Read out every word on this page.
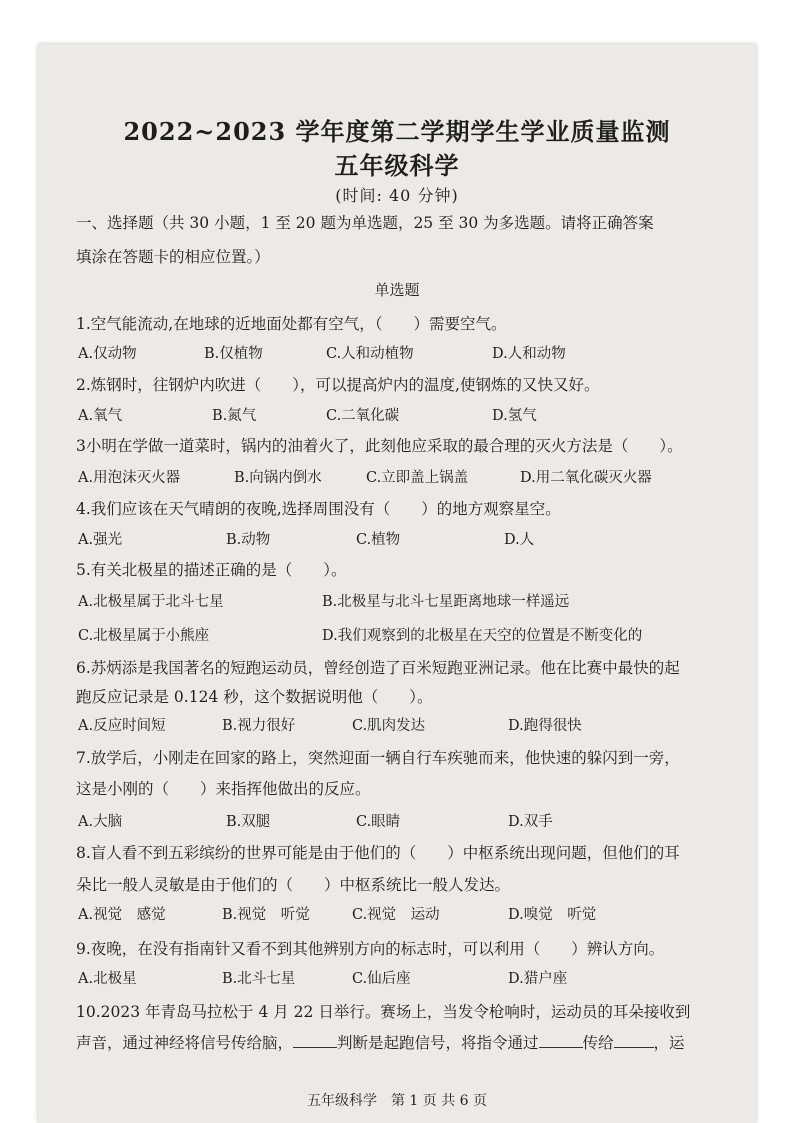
2022~2023 学年度第二学期学生学业质量监测
五年级科学
(时间: 40 分钟)
一、选择题（共 30 小题，1 至 20 题为单选题，25 至 30 为多选题。请将正确答案
填涂在答题卡的相应位置。）
单选题
1.空气能流动,在地球的近地面处都有空气，（　　）需要空气。
A.仅动物	B.仅植物	C.人和动植物	D.人和动物
2.炼钢时，往钢炉内吹进（　　），可以提高炉内的温度,使钢炼的又快又好。
A.氧气	B.氮气	C.二氧化碳	D.氢气
3小明在学做一道菜时，锅内的油着火了，此刻他应采取的最合理的灭火方法是（　　）。
A.用泡沫灭火器	B.向锅内倒水	C.立即盖上锅盖	D.用二氧化碳灭火器
4.我们应该在天气晴朗的夜晚,选择周围没有（　　）的地方观察星空。
A.强光	B.动物	C.植物	D.人
5.有关北极星的描述正确的是（　　）。
A.北极星属于北斗七星	B.北极星与北斗七星距离地球一样遥远
C.北极星属于小熊座	D.我们观察到的北极星在天空的位置是不断变化的
6.苏炳添是我国著名的短跑运动员，曾经创造了百米短跑亚洲记录。他在比赛中最快的起
跑反应记录是 0.124 秒，这个数据说明他（　　）。
A.反应时间短	B.视力很好	C.肌肉发达	D.跑得很快
7.放学后，小刚走在回家的路上，突然迎面一辆自行车疾驰而来，他快速的躲闪到一旁，
这是小刚的（　　）来指挥他做出的反应。
A.大脑	B.双腿	C.眼睛	D.双手
8.盲人看不到五彩缤纷的世界可能是由于他们的（　　）中枢系统出现问题，但他们的耳
朵比一般人灵敏是由于他们的（　　）中枢系统比一般人发达。
A.视觉　感觉	B.视觉　听觉	C.视觉　运动	D.嗅觉　听觉
9.夜晚，在没有指南针又看不到其他辨别方向的标志时，可以利用（　　）辨认方向。
A.北极星	B.北斗七星	C.仙后座	D.猎户座
10.2023 年青岛马拉松于 4 月 22 日举行。赛场上，当发令枪响时，运动员的耳朵接收到
声音，通过神经将信号传给脑，	判断是起跑信号，将指令通过	传给	，运
五年级科学　第 1 页 共 6 页
